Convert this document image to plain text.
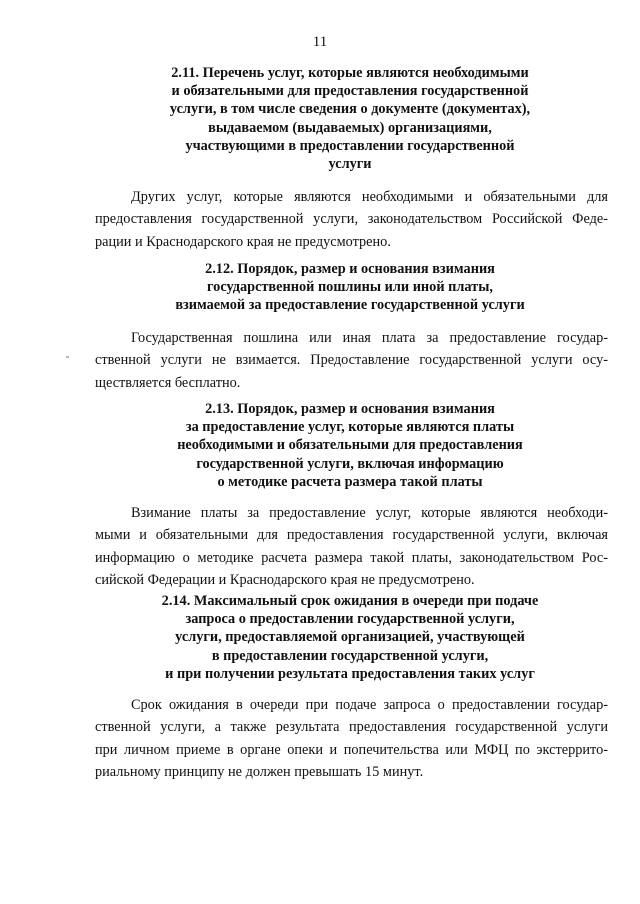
11
2.11. Перечень услуг, которые являются необходимыми
и обязательными для предоставления государственной
услуги, в том числе сведения о документе (документах),
выдаваемом (выдаваемых) организациями,
участвующими в предоставлении государственной
услуги
Других услуг, которые являются необходимыми и обязательными для
предоставления государственной услуги, законодательством Российской Феде-
рации и Краснодарского края не предусмотрено.
2.12. Порядок, размер и основания взимания
государственной пошлины или иной платы,
взимаемой за предоставление государственной услуги
Государственная пошлина или иная плата за предоставление госудаp-
ственной услуги не взимается. Предоставление государственной услуги осу-
ществляется бесплатно.
2.13. Порядок, размер и основания взимания
за предоставление услуг, которые являются платы
необходимыми и обязательными для предоставления
государственной услуги, включая информацию
о методике расчета размера такой платы
Взимание платы за предоставление услуг, которые являются необходи-
мыми и обязательными для предоставления государственной услуги, включая
информацию о методике расчета размера такой платы, законодательством Рос-
сийской Федерации и Краснодарского края не предусмотрено.
2.14. Максимальный срок ожидания в очереди при подаче
запроса о предоставлении государственной услуги,
услуги, предоставляемой организацией, участвующей
в предоставлении государственной услуги,
и при получении результата предоставления таких услуг
Срок ожидания в очереди при подаче запроса о предоставлении государ-
ственной услуги, а также результата предоставления государственной услуги
при личном приеме в органе опеки и попечительства или МФЦ по экстеррито-
риальному принципу не должен превышать 15 минут.
